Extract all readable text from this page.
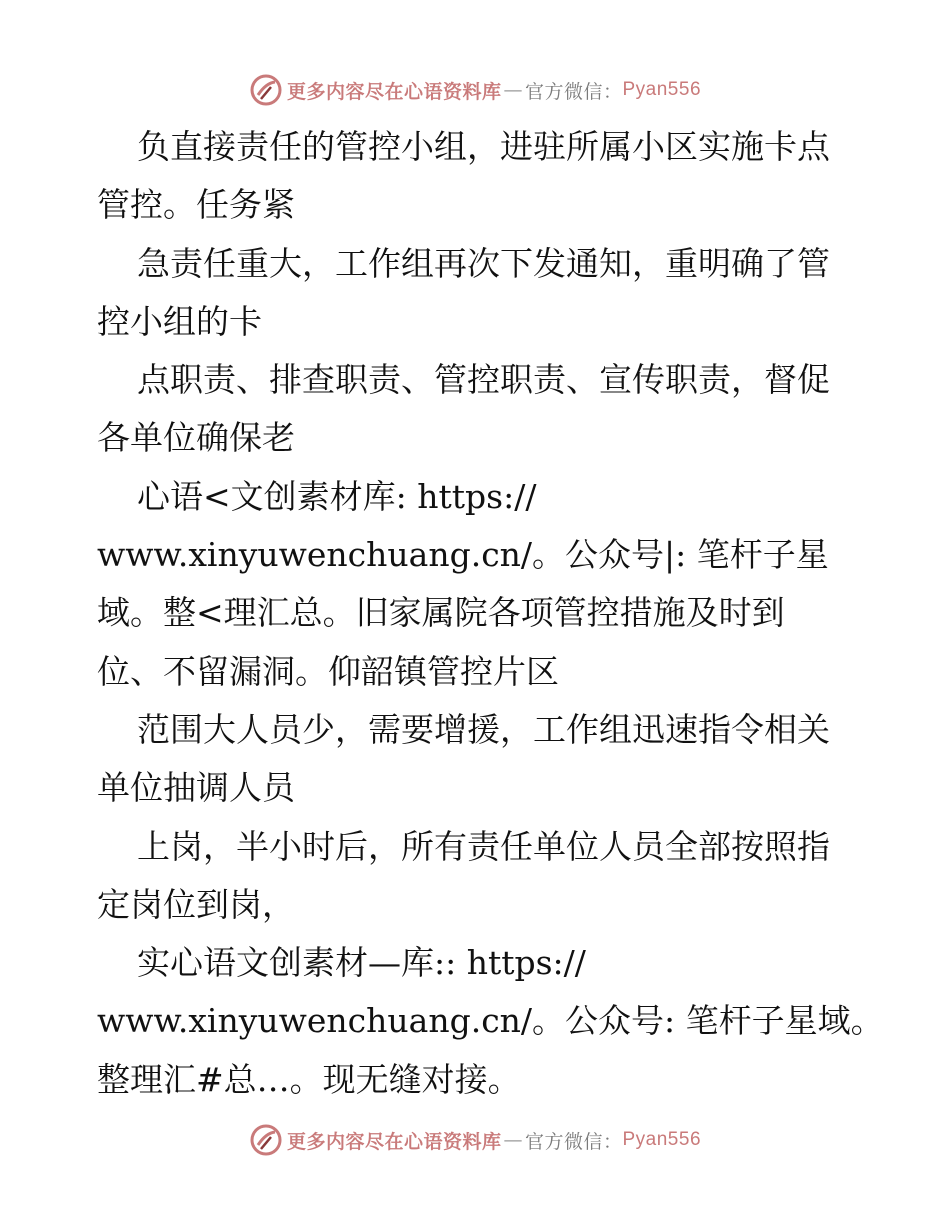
更多内容尽在心语资料库 — 官方微信： Pyan556
负直接责任的管控小组，进驻所属小区实施卡点
管控。任务紧
急责任重大，工作组再次下发通知，重明确了管
控小组的卡
点职责、排查职责、管控职责、宣传职责，督促
各单位确保老
心语<文创素材库: https://
www.xinyuwenchuang.cn/。公众号|: 笔杆子星
域。整<理汇总。旧家属院各项管控措施及时到
位、不留漏洞。仰韶镇管控片区
范围大人员少，需要增援，工作组迅速指令相关
单位抽调人员
上岗，半小时后，所有责任单位人员全部按照指
定岗位到岗，
实心语文创素材—库:: https://
www.xinyuwenchuang.cn/。公众号: 笔杆子星域。
整理汇#总…。现无缝对接。
更多内容尽在心语资料库 — 官方微信： Pyan556
